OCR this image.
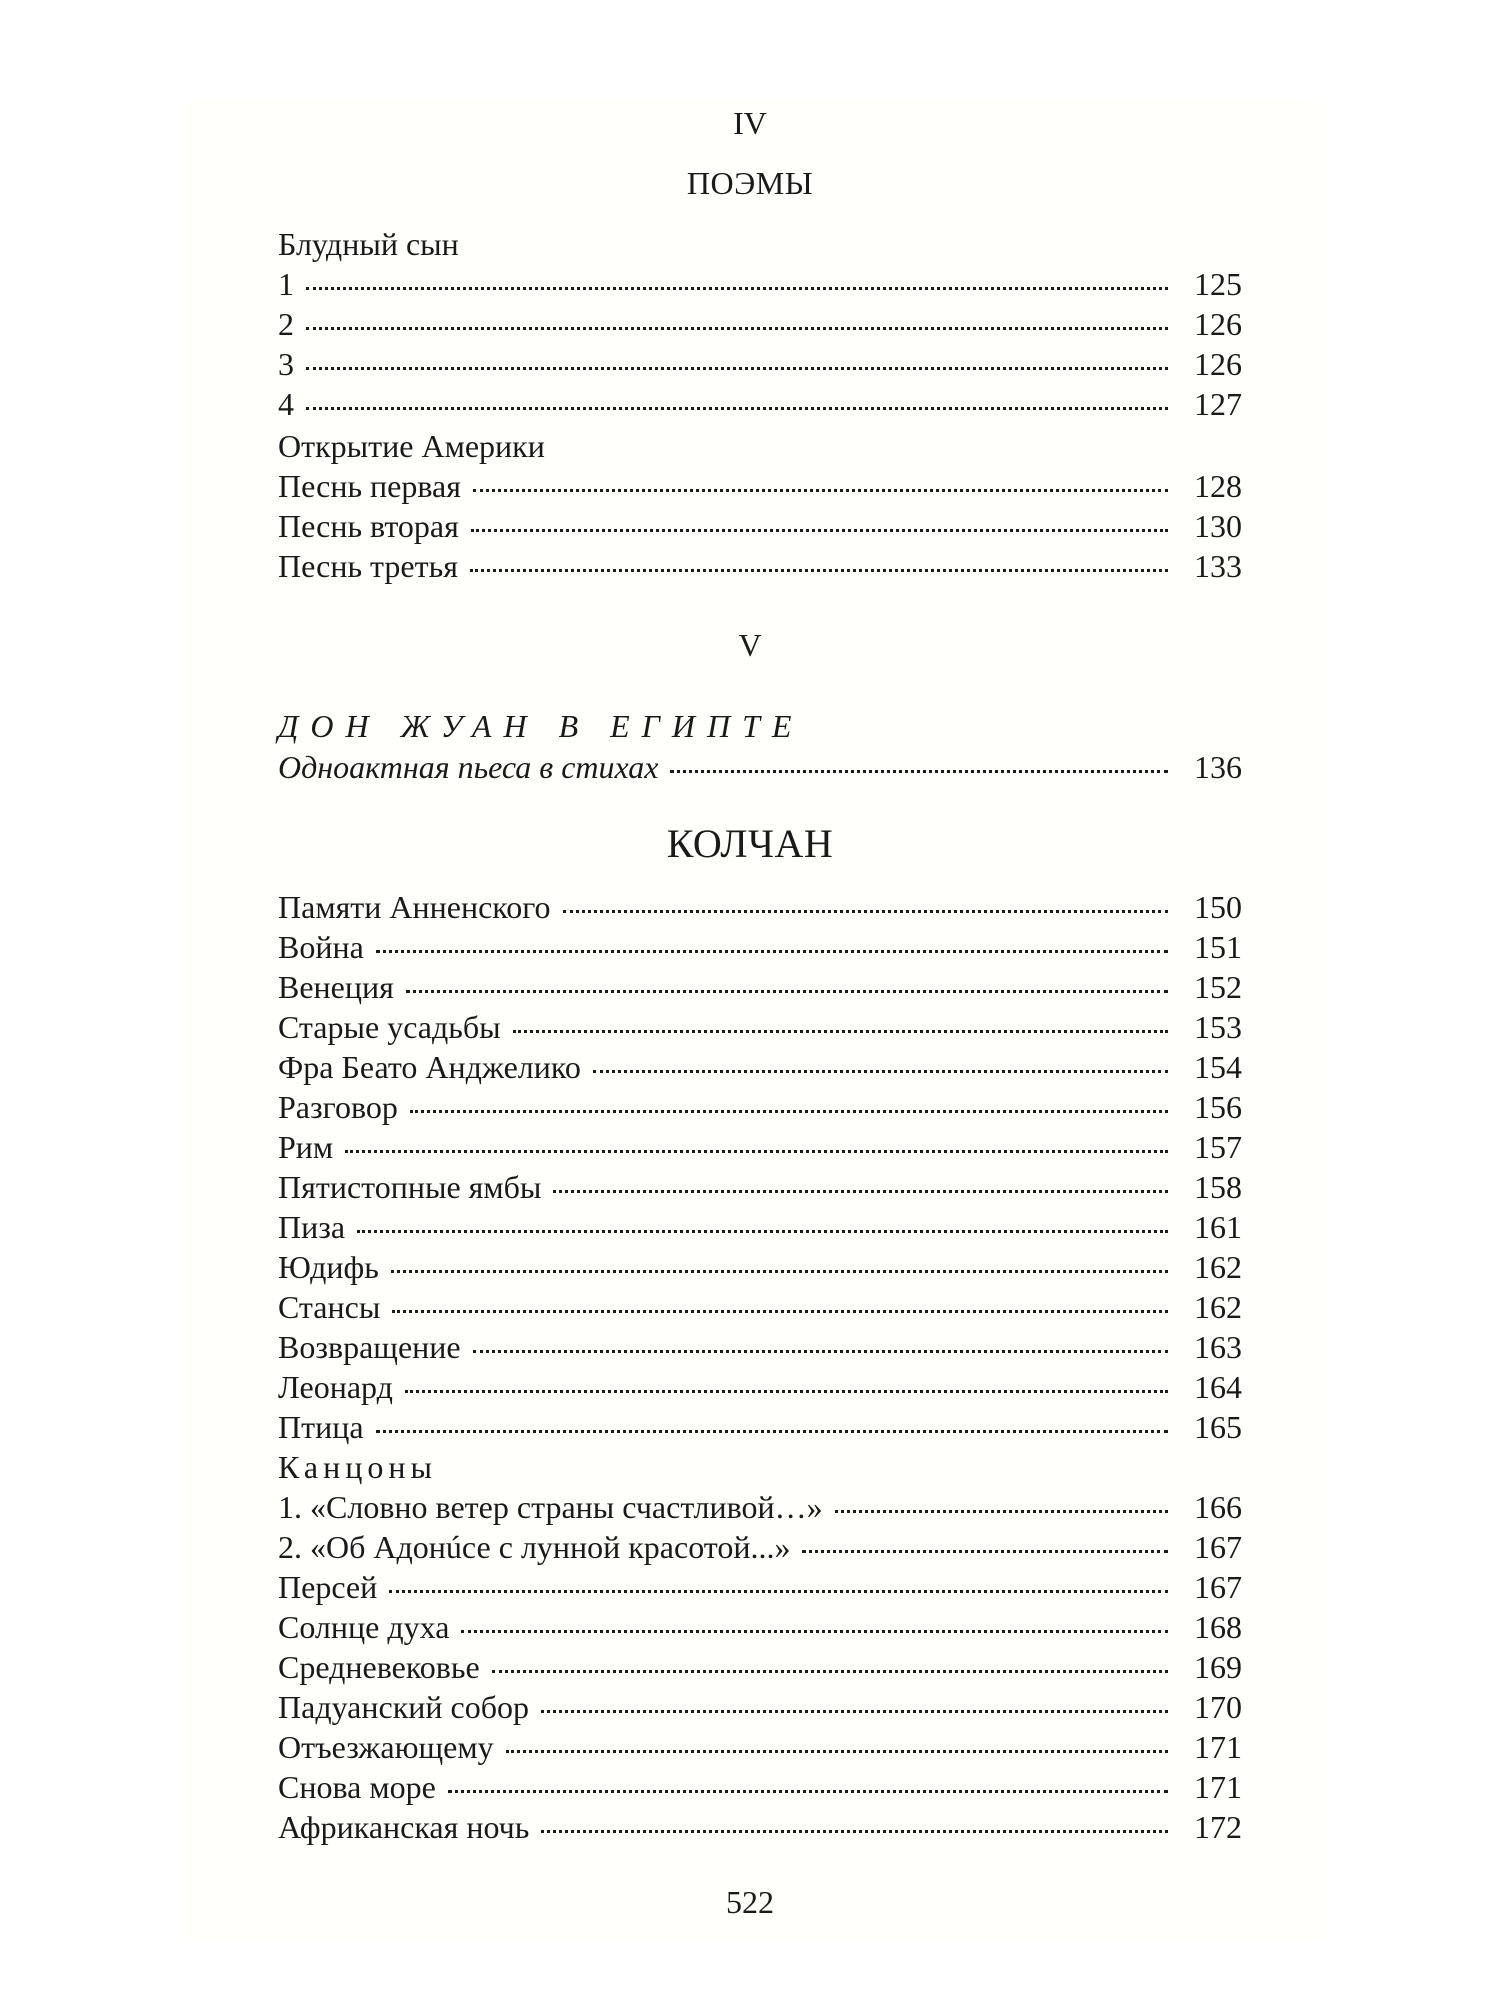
IV
ПОЭМЫ
Блудный сын
1	125
2	126
3	126
4	127
Открытие Америки
Песнь первая	128
Песнь вторая	130
Песнь третья	133
V
ДОН ЖУАН В ЕГИПТЕ
Одноактная пьеса в стихах	136
КОЛЧАН
Памяти Анненского	150
Война	151
Венеция	152
Старые усадьбы	153
Фра Беато Анджелико	154
Разговор	156
Рим	157
Пятистопные ямбы	158
Пиза	161
Юдифь	162
Стансы	162
Возвращение	163
Леонард	164
Птица	165
Канцоны
1. «Словно ветер страны счастливой…»	166
2. «Об Адонúсе с лунной красотой...»	167
Персей	167
Солнце духа	168
Средневековье	169
Падуанский собор	170
Отъезжающему	171
Снова море	171
Африканская ночь	172
522
